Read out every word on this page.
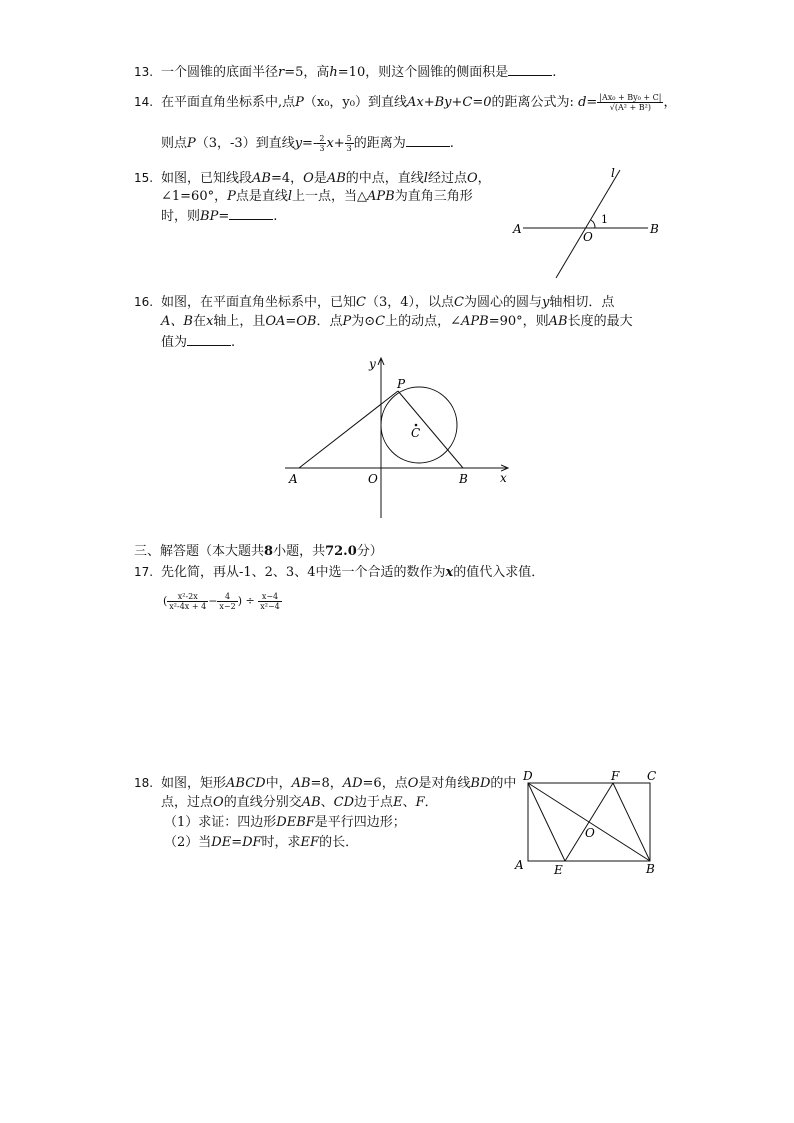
13. 一个圆锥的底面半径r=5，高h=10，则这个圆锥的侧面积是	.
14. 在平面直角坐标系中,点P（x₀，y₀）到直线Ax+By+C=0的距离公式为: $d= \frac{\text{|Ax₀ + By₀ + C|}}{\text{√(A² + B²)}}$ ，
则点P（3，-3）到直线$y=- \frac{2}{3} x+ \frac{5}{3}$ 的距离为	.
15. 如图，已知线段AB=4，O是AB的中点，直线l经过点O，
∠1=60°，P点是直线l上一点，当△APB为直角三角形
时，则BP=	.
l
1
A
O
B
16. 如图，在平面直角坐标系中，已知C（3，4），以点C为圆心的圆与y轴相切．点
A、B在x轴上，且OA=OB．点P为⊙C上的动点，∠APB=90°，则AB长度的最大
值为	.
y
x
P
C
A	O	B
三、解答题（本大题共8小题，共72.0分）
17. 先化简，再从-1、2、3、4中选一个合适的数作为x的值代入求值．
( $\frac{\text{x²-2x}}{\text{x²-4x + 4}} - \frac{4}{x-2}$ ) ÷ $\frac{x-4}{\text{x²−4}}$
18. 如图，矩形ABCD中，AB=8，AD=6，点O是对角线BD的中
点，过点O的直线分别交AB、CD边于点E、F．
（1）求证：四边形DEBF是平行四边形；
（2）当DE=DF时，求EF的长．
D	F C
O
A	E	B
